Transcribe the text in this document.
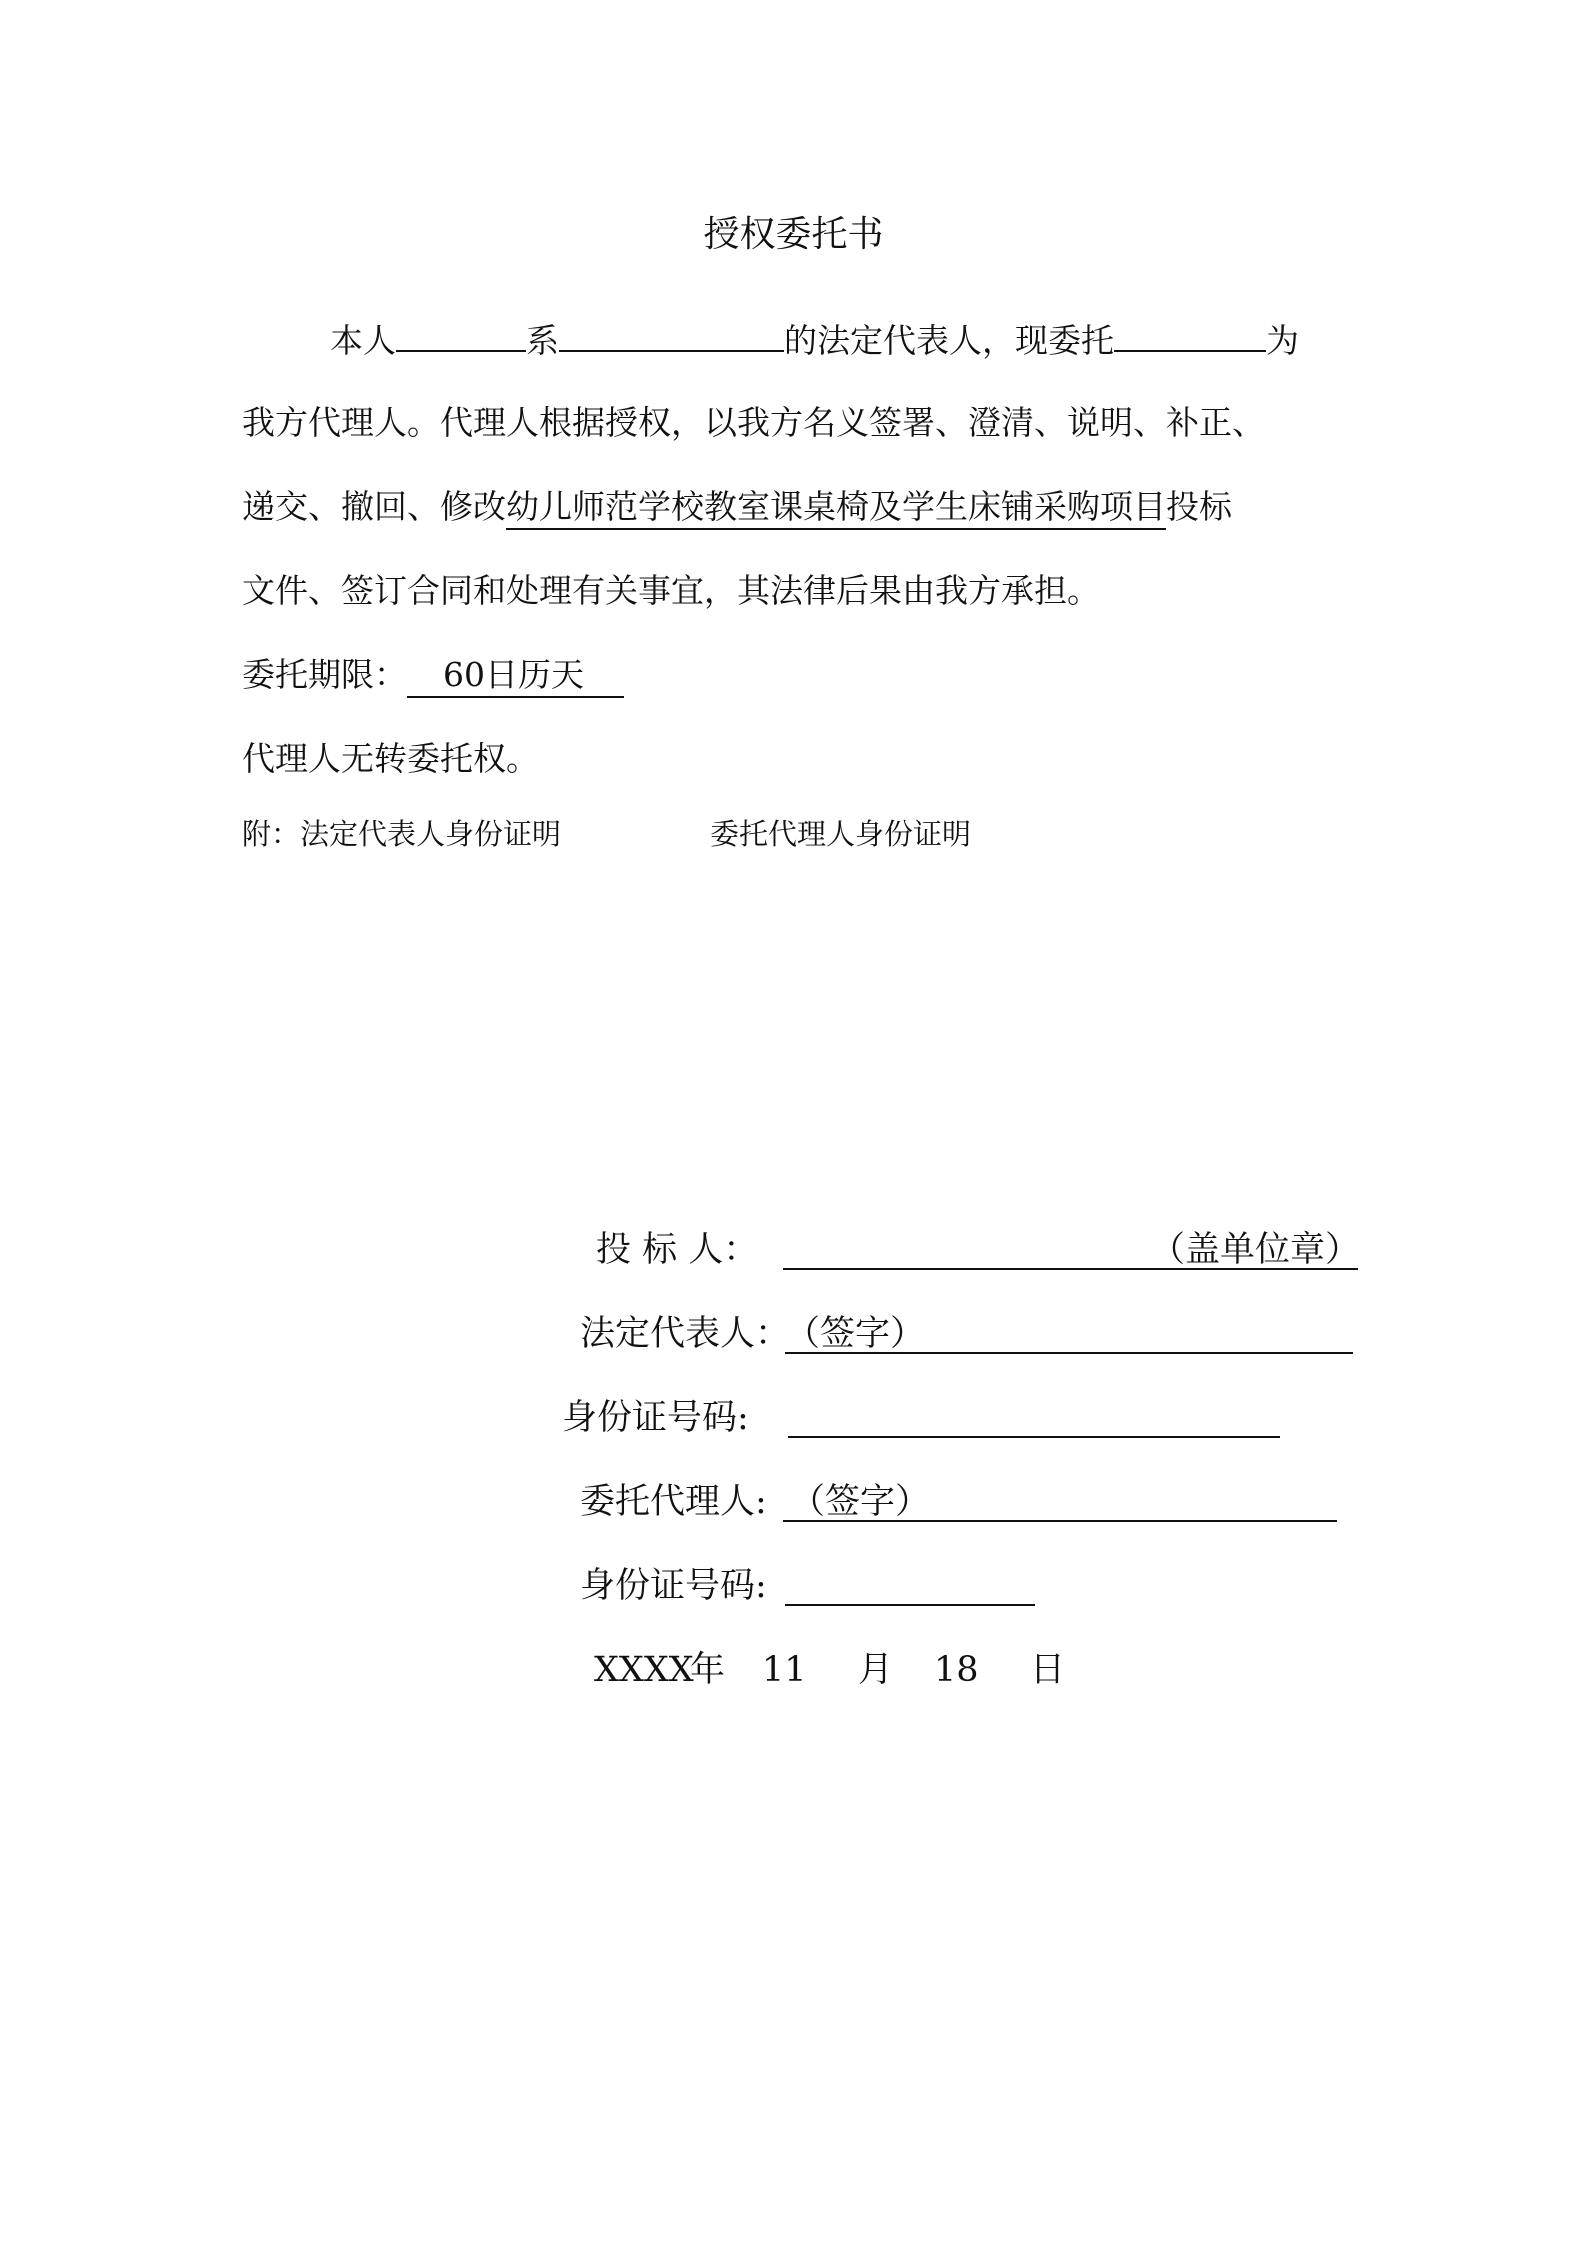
授权委托书
本人	系	的法定代表人，现委托	为
我方代理人。代理人根据授权，以我方名义签署、澄清、说明、补正、
递交、撤回、修改幼儿师范学校教室课桌椅及学生床铺采购项目投标
文件、签订合同和处理有关事宜，其法律后果由我方承担。
委托期限： 60日历天
代理人无转委托权。
附：法定代表人身份证明	委托代理人身份证明
投 标 人：	（盖单位章）
法定代表人：
（签字）
身份证号码:
委托代理人: （签字）
身份证号码:
XXXX
年 11 月 18 日
